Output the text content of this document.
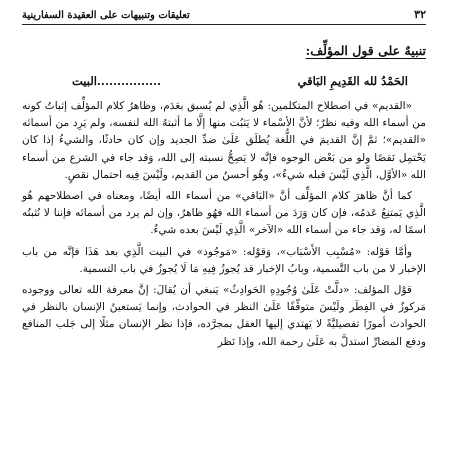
٣٢
تعليقات وتنبيهات على العقيدة السفارينية
تنبيهٌ على قول المؤلِّف:
الحَمْدُ لله القَدِيمِ البَاقي
................البيت

«القديم» في اصطلاح المتكلمين: هُو الَّذِي لم يُسبق بعَدَم، وظاهرُ كلام المؤلِّف إثباتُ كونه من أسماء الله وفيه نظرٌ؛ لأنَّ الأسْماء لا يَثبُت منها إلَّا ما أثبتهُ الله لنفسه، ولم يَرِد من أسمائه «القديم»؛ ثمَّ إنَّ القديمَ في اللُّغة يُطلَق عَلَىٰ ضدِّ الجديد وإن كان حادثًا، والشيءُ إذا كان يَحْتمِل نَقصًا ولو من بَعْض الوجوه فإنَّه لا يَصِحُّ نسبته إلى الله، وَقد جاء في الشرع من أسماء الله «الأوَّل، الَّذِي لَيْسَ قبله شيءٌ»، وهُو أحسنُ من القديم، ولَيْسَ فِيه احتمال نقصٍ.

كما أنَّ ظاهرَ كلام المؤلِّف أنَّ «البَاقي» من أسماء الله أيضًا، ومعناه في اصطلاحهم هُو الَّذِي يَمتنِعُ عَدمُه، فإن كان وَرَدَ من أسماء الله فهُو ظاهرٌ، وإن لم يرد من أسمائه فإننا لا نُثبتُه اسمًا له، وَقد جاء من أسماء الله «الآخر» الَّذِي لَيْسَ بعده شيءٌ.

وأمَّا قوْله: «مُسْبِب الأَسْبَاب»، وَقوْله: «مَوجُود» في البيت الَّذِي بعد هَذَا فإنَّه من باب الإخبار لا من باب التَّسمية، وبابُ الإخبار قد يُجوزُ فِيهِ مَا لَا يُجوزُ في باب التسمية.

قوْل المؤلف: «دلَّتْ عَلَىٰ وُجُودِهِ الحَوادِثُ» يَنبغي أن يُقالَ: إنَّ معرفة الله تعالى ووجوده مَركوزٌ في الفِطَر ولَيْسَ متوقِّفًا عَلَىٰ النظر في الحوادث، وإنما يَستعينُ الإنسان بالنظر في الحوادث أمورًا تفصيليَّةً لا يَهتدي إليها العقل بمجرَّده، فإذا نظر الإنسان مثلًا إلى جَلب المنافع ودفع المضارِّ استدلَّ به عَلَىٰ رحمة الله، وإذا نَظر
